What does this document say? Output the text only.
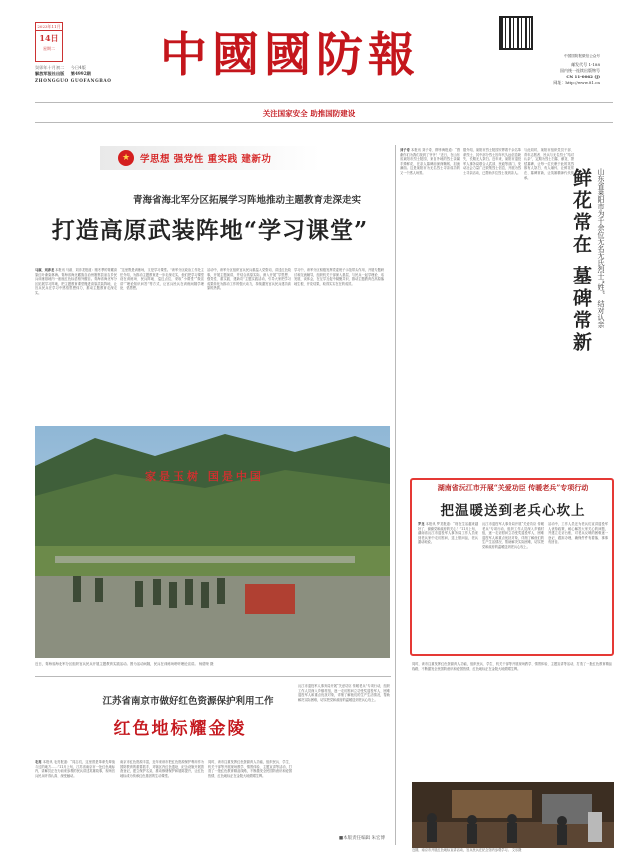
2023年11月
14日
星期二
癸卯年十月初二 今日4版
解放军报社出版 第4992期
ZHONGGUO GUOFANGBAO	中國國防報	中国国防报微信公众号
邮发代号 1-188
国内统一连续出版物号
CN 11-0062 (J)
网址：http://www.81.cn
关注国家安全 助推国防建设
★	学思想 强党性 重实践 建新功
青海省海北军分区拓展学习阵地推动主题教育走深走实
打造高原武装阵地“学习课堂”
马淑、刘彦龙 本报讯 马淑、刘彦龙报道：刚冬季的青藏高原红叶渐染林海。青海省海北藏族自治州刚察县泉吉乡民兵训练基地内一座座红色标语格外醒目。青海省海北军分区拓展学习阵地，把主题教育课堂搬进高原武装阵地，让官兵民兵在学习中感悟思想伟力，推动主题教育走深走实。
“这里既是训练场，又是学习课堂。”该军分区政治工作处主任介绍，为推动主题教育进一步走深走实，他们把学习课堂设在训练场、民兵阵地、巡边点位，采取“小课堂”“微宣讲”“理论知识问答”等方式，让官兵民兵在训练间隙学理论、悟思想。
活动中，该军分区组织官兵民兵重温入党誓词，讲述红色故事，开展主题演讲，并结合高原实际，深入开展“学思想、强党性、重实践、建新功”主题实践活动，引导大家把学习成果转化为推动工作的强大动力，持续激发官兵民兵建功高原的热情。
学习中，该军分区积极发挥党委班子示范带头作用，开展专题研讨和交流辅导，组织机关干部深入基层，与民兵一起学理论、话发展、谈体会，在互学互促中凝聚共识，推动主题教育在高原落地生根、开花结果，取得实实在在的成效。
家是玉树 国是中国
近日，青海省海北军分区组织官兵民兵开展主题教育实践活动。图为活动间隙，民兵在训练场聆听理论宣讲。 杨德荣 摄
刘子奇 本报讯 刘子奇、柳孝海报道：“感谢你们为我们找到了爷爷！”近日，在山东省莱阳市烈士陵园，来自外地的烈士亲属手捧鲜花，在亲人墓碑前深深鞠躬，泪流满面。这是莱阳市为无名烈士寻亲成功的又一个感人场景。
据介绍，莱阳市烈士陵园安葬着千余名革命烈士，其中部分烈士因年代久远信息缺失，长期无人祭扫。近年来，莱阳市退役军人事务局联合人武部、民政等部门，发动社会力量广泛收集烈士信息，开展为烈士寻亲活动，已帮助多位烈士找到亲人。
与此同时，莱阳市组织党员干部、青年志愿者、民兵与无名烈士“结对认亲”，定期为烈士扫墓、献花、擦拭墓碑，让每一位长眠于此的英烈都有人祭扫、有人缅怀，让鲜花常在、墓碑常新，让英雄精神代代传承。	山东省莱阳市为千余位无名无氏烈士“姓”
结对认亲
鲜花常在 墓碑常新
湖南省沅江市开展“关爱功臣 传暖老兵”专项行动
把温暖送到老兵心坎上
罗龙 本报讯 罗龙报道：“现在生活越来越好了，谢谢党和政府的关心！”11月上旬，湖南省沅江市退役军人事务局工作人员来到老兵家中走访慰问，送上慰问品，老兵激动地说。
沅江市退役军人事务局开展“关爱功臣 传暖老兵”专项行动，组织工作人员深入乡镇村组，逐一走访慰问立功受奖退役军人、困难退役军人和重点优抚对象，详细了解他们的生产生活情况，帮助解决实际困难，切实把党和政府的温暖送到老兵心坎上。
活动中，工作人员还为老兵们宣讲退役军人优待政策，耐心解答大家关心的问题，并建立走访台账，对老兵反映的困难逐一登记、跟踪办理，确保件件有着落、事事有回音。
江苏省南京市做好红色资源保护利用工作
红色地标耀金陵
毛亮 本报讯 毛亮报道：“同志们，这里曾是革命先辈战斗过的地方……”11月上旬，江苏省南京市一处红色地标内，讲解员正在为前来参观的民兵讲述英雄故事，现场官兵民兵听得认真、深受触动。
南京市红色资源丰富，近年来该市把红色资源保护利用作为国防教育的重要抓手，对辖区内红色遗址、纪念设施开展普查登记，建立保护名录，推动修缮保护和展陈提升，让红色地标成为传承红色基因的生动课堂。
同时，该市注重发挥红色资源育人功能，组织民兵、学生、机关干部等开展现场教学、情景体验、主题宣讲等活动，打造了一批红色教育精品线路，不断激发全民国防意识和爱国热情，红色地标正在金陵大地熠熠生辉。
沅江市退役军人事务局开展“关爱功臣 传暖老兵”专项行动，组织工作人员深入乡镇村组，逐一走访慰问立功受奖退役军人、困难退役军人和重点优抚对象，详细了解他们的生产生活情况，帮助解决实际困难，切实把党和政府的温暖送到老兵心坎上。
同时，该市注重发挥红色资源育人功能，组织民兵、学生、机关干部等开展现场教学、情景体验、主题宣讲等活动，打造了一批红色教育精品线路，不断激发全民国防意识和爱国热情，红色地标正在金陵大地熠熠生辉。
近期，南京市开展红色地标宣讲活动，官兵民兵在纪念馆内参观学习。 文乐摄
■本版责任编辑 朱宏博
